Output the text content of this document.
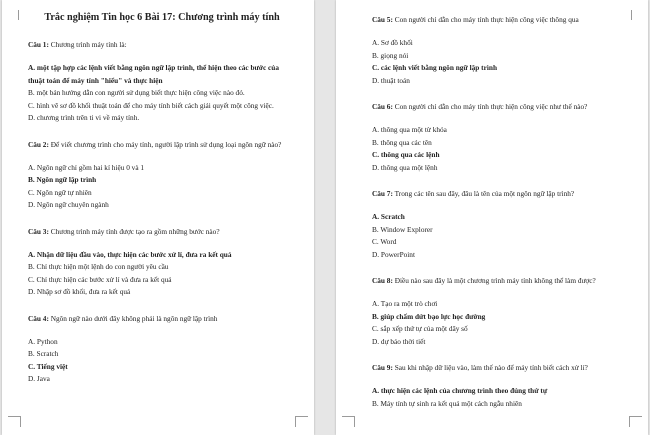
Trắc nghiệm Tin học 6 Bài 17: Chương trình máy tính

Câu 1: Chương trình máy tính là:

A. một tập hợp các lệnh viết bằng ngôn ngữ lập trình, thể hiện theo các bước của thuật toán để máy tính "hiểu" và thực hiện

B. một bản hướng dẫn con người sử dụng biết thực hiện công việc nào đó.

C. hình vẽ sơ đồ khối thuật toán để cho máy tính biết cách giải quyết một công việc.

D. chương trình trên ti vi về máy tính.

Câu 2: Để viết chương trình cho máy tính, người lập trình sử dụng loại ngôn ngữ nào?

A. Ngôn ngữ chỉ gồm hai kí hiệu 0 và 1

B. Ngôn ngữ lập trình

C. Ngôn ngữ tự nhiên

D. Ngôn ngữ chuyên ngành

Câu 3: Chương trình máy tính được tạo ra gồm những bước nào?

A. Nhận dữ liệu đầu vào, thực hiện các bước xử lí, đưa ra kết quả

B. Chỉ thực hiện một lệnh do con người yêu cầu

C. Chỉ thực hiện các bước xử lí và đưa ra kết quả

D. Nhập sơ đồ khối, đưa ra kết quả

Câu 4: Ngôn ngữ nào dưới đây không phải là ngôn ngữ lập trình

A. Python

B. Scratch

C. Tiếng việt

D. Java

Câu 5: Con người chỉ dẫn cho máy tính thực hiện công việc thông qua

A. Sơ đồ khối

B. giọng nói

C. các lệnh viết bằng ngôn ngữ lập trình

D. thuật toán

Câu 6: Con người chỉ dẫn cho máy tính thực hiện công việc như thế nào?

A. thông qua một từ khóa

B. thông qua các tên

C. thông qua các lệnh

D. thông qua một lệnh

Câu 7: Trong các tên sau đây, đâu là tên của một ngôn ngữ lập trình?

A. Scratch

B. Window Explorer

C. Word

D. PowerPoint

Câu 8: Điều nào sau đây là một chương trình máy tính không thể làm được?

A. Tạo ra một trò chơi

B. giúp chấm dứt bạo lực học đường

C. sắp xếp thứ tự của một dãy số

D. dự báo thời tiết

Câu 9: Sau khi nhập dữ liệu vào, làm thế nào để máy tính biết cách xử lí?

A. thực hiện các lệnh của chương trình theo đúng thứ tự

B. Máy tính tự sinh ra kết quả một cách ngẫu nhiên
